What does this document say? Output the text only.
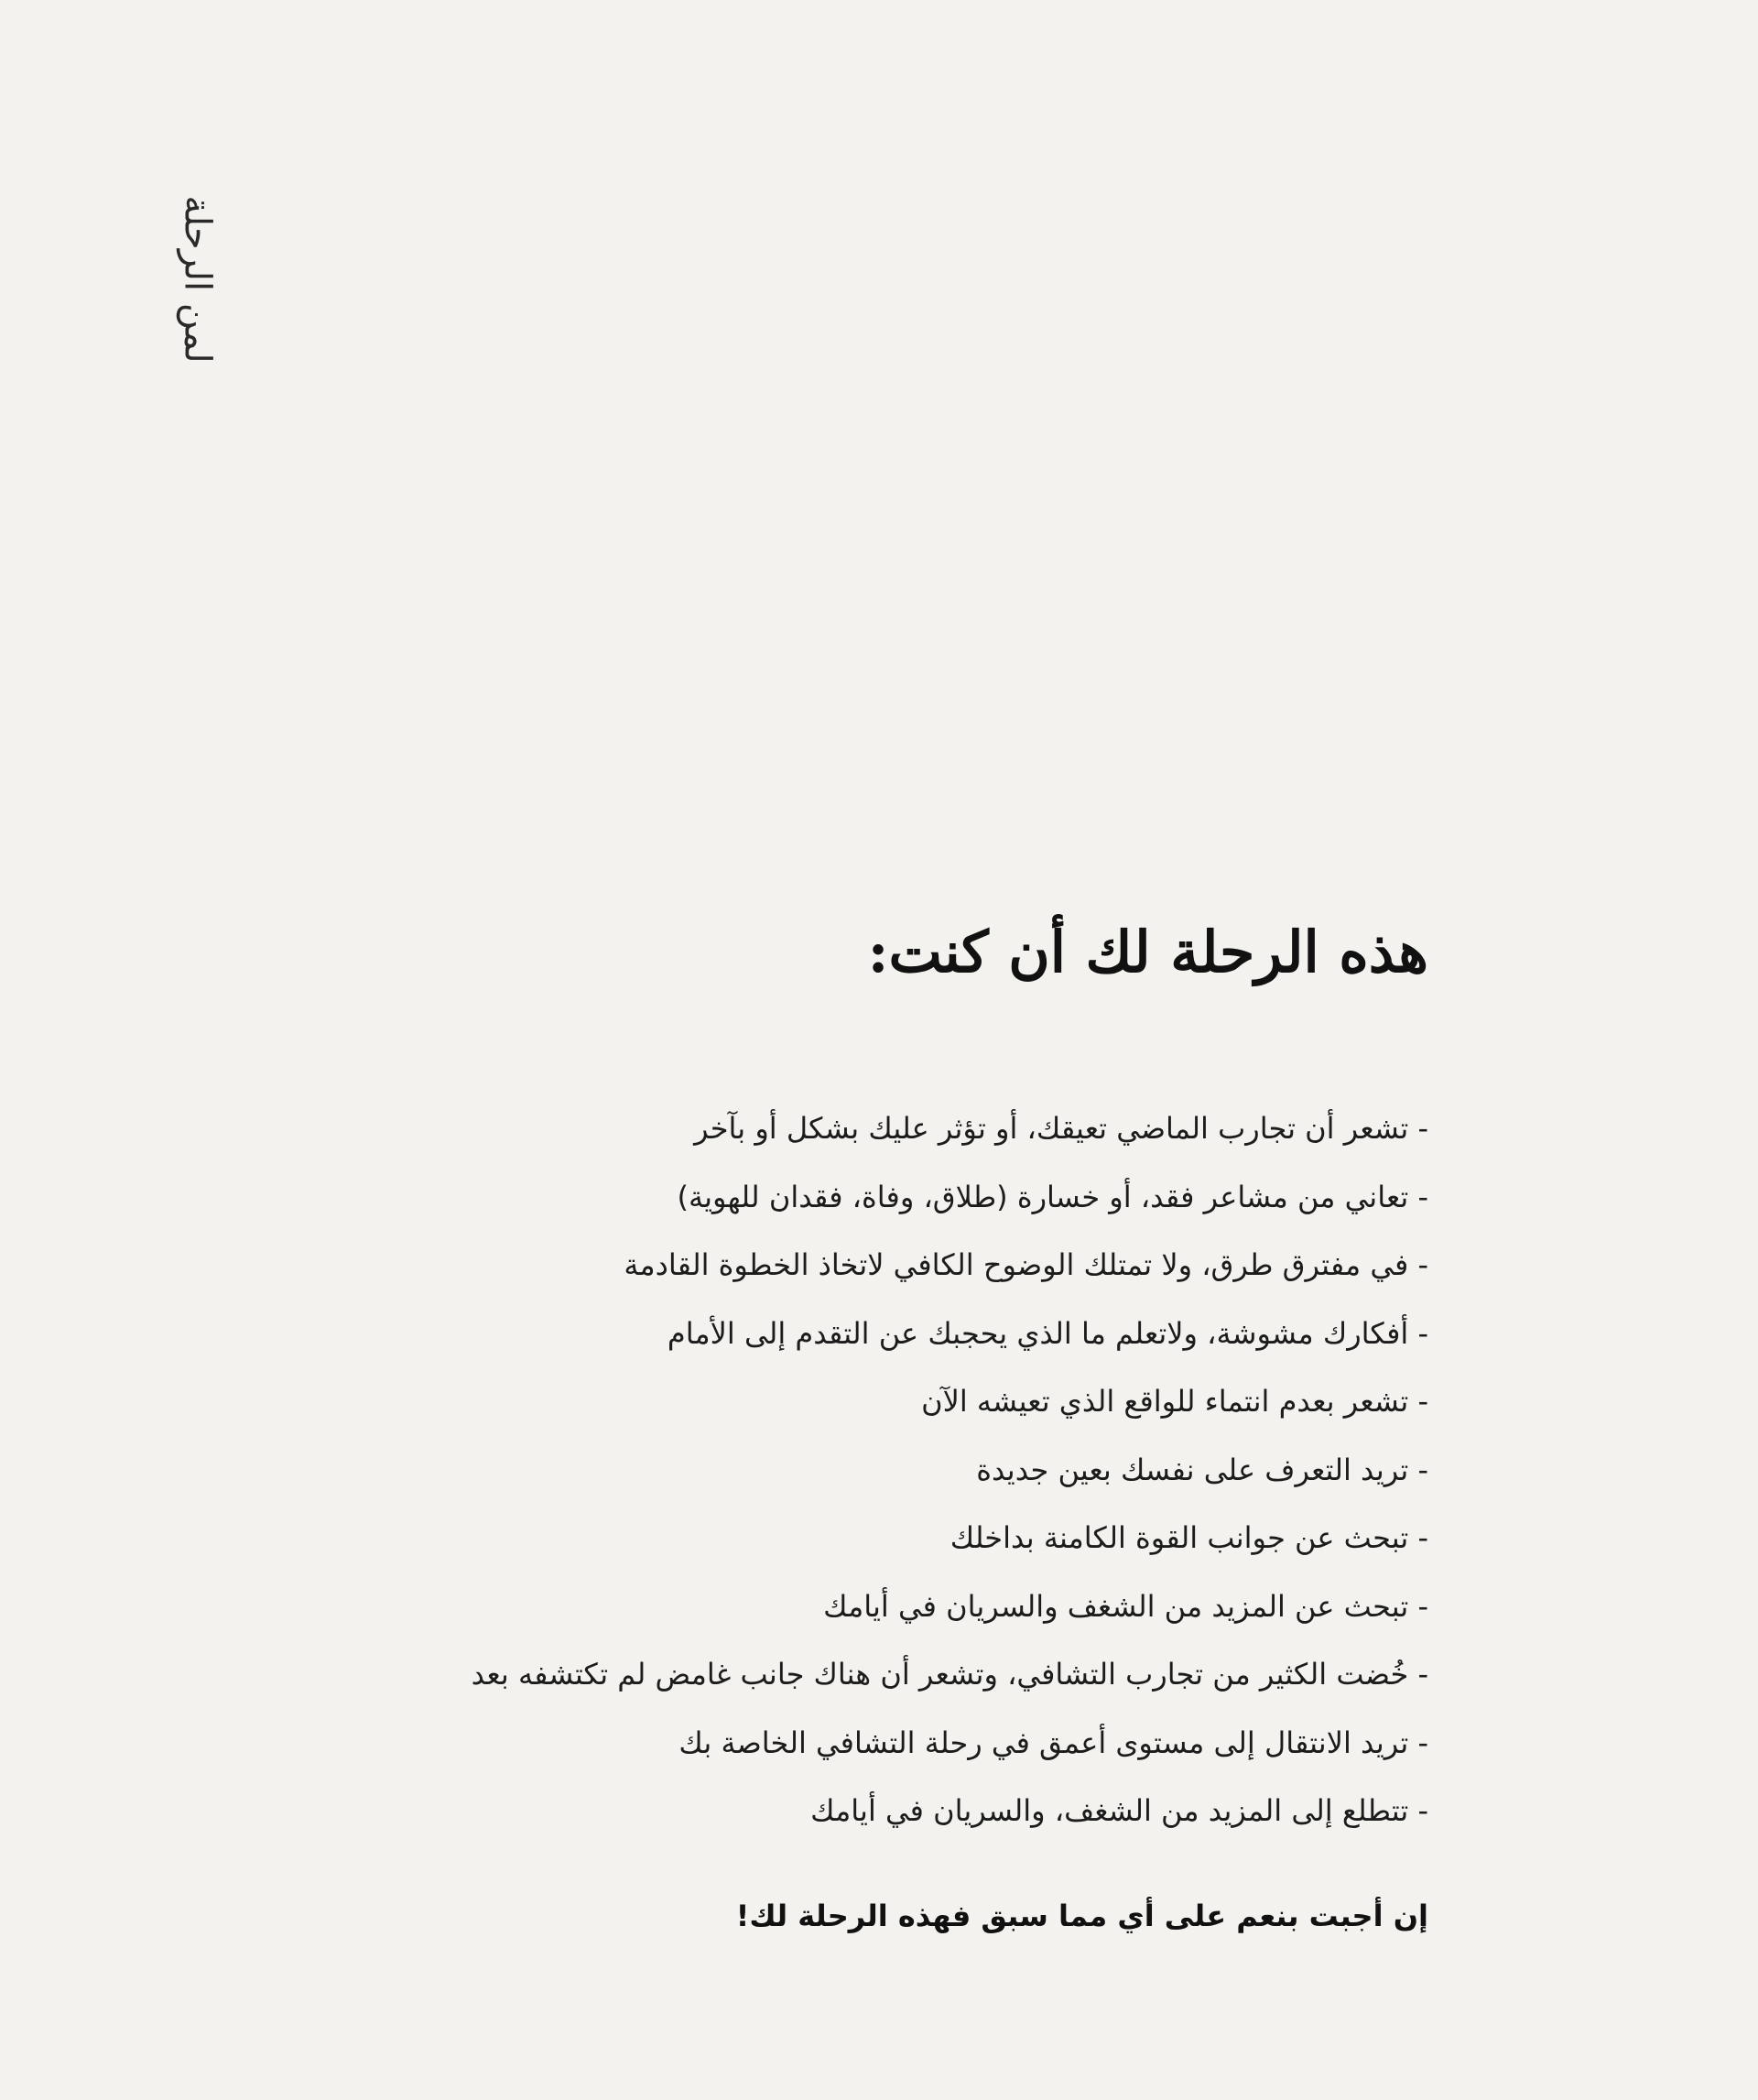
لمن الرحلة
هذه الرحلة لك أن كنت:
- تشعر أن تجارب الماضي تعيقك، أو تؤثر عليك بشكل أو بآخر
- تعاني من مشاعر فقد، أو خسارة (طلاق، وفاة، فقدان للهوية)
- في مفترق طرق، ولا تمتلك الوضوح الكافي لاتخاذ الخطوة القادمة
- أفكارك مشوشة، ولاتعلم ما الذي يحجبك عن التقدم إلى الأمام
- تشعر بعدم انتماء للواقع الذي تعيشه الآن
- تريد التعرف على نفسك بعين جديدة
- تبحث عن جوانب القوة الكامنة بداخلك
- تبحث عن المزيد من الشغف والسريان في أيامك
- خُضت الكثير من تجارب التشافي، وتشعر أن هناك جانب غامض لم تكتشفه بعد
- تريد الانتقال إلى مستوى أعمق في رحلة التشافي الخاصة بك
- تتطلع إلى المزيد من الشغف، والسريان في أيامك

إن أجبت بنعم على أي مما سبق فهذه الرحلة لك!
